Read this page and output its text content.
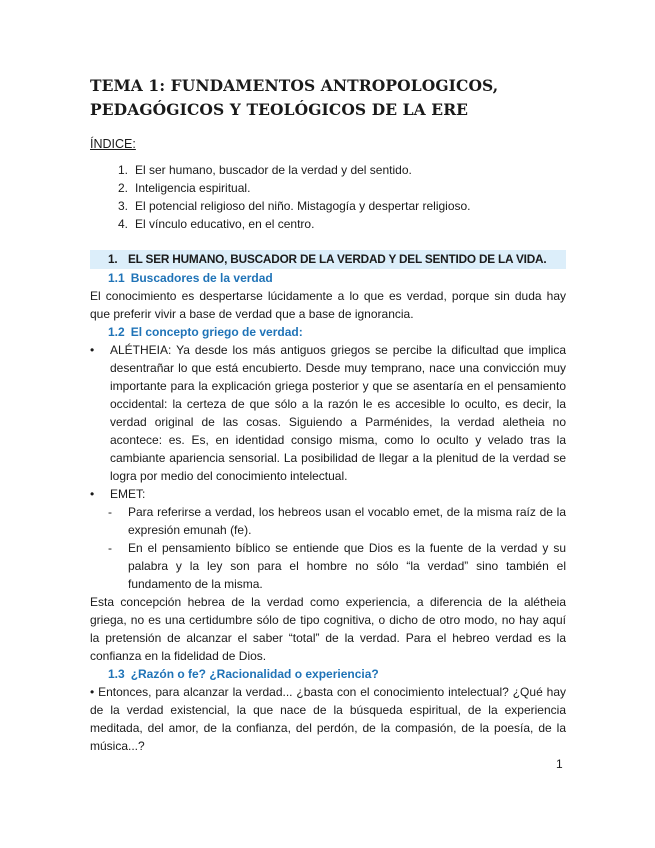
TEMA 1: FUNDAMENTOS ANTROPOLOGICOS,
PEDAGÓGICOS Y TEOLÓGICOS DE LA ERE
ÍNDICE:
1. El ser humano, buscador de la verdad y del sentido.
2. Inteligencia espiritual.
3. El potencial religioso del niño. Mistagogía y despertar religioso.
4. El vínculo educativo, en el centro.
1. EL SER HUMANO, BUSCADOR DE LA VERDAD Y DEL SENTIDO DE LA VIDA.
1.1 Buscadores de la verdad
El conocimiento es despertarse lúcidamente a lo que es verdad, porque sin duda hay que preferir vivir a base de verdad que a base de ignorancia.
1.2 El concepto griego de verdad:
•	ALÉTHEIA: Ya desde los más antiguos griegos se percibe la dificultad que implica desentrañar lo que está encubierto. Desde muy temprano, nace una convicción muy importante para la explicación griega posterior y que se asentaría en el pensamiento occidental: la certeza de que sólo a la razón le es accesible lo oculto, es decir, la verdad original de las cosas. Siguiendo a Parménides, la verdad aletheia no acontece: es. Es, en identidad consigo misma, como lo oculto y velado tras la cambiante apariencia sensorial. La posibilidad de llegar a la plenitud de la verdad se logra por medio del conocimiento intelectual.
•	EMET:
-	Para referirse a verdad, los hebreos usan el vocablo emet, de la misma raíz de la expresión emunah (fe).
-	En el pensamiento bíblico se entiende que Dios es la fuente de la verdad y su palabra y la ley son para el hombre no sólo “la verdad” sino también el fundamento de la misma.
Esta concepción hebrea de la verdad como experiencia, a diferencia de la alétheia griega, no es una certidumbre sólo de tipo cognitiva, o dicho de otro modo, no hay aquí la pretensión de alcanzar el saber “total” de la verdad. Para el hebreo verdad es la confianza en la fidelidad de Dios.
1.3 ¿Razón o fe? ¿Racionalidad o experiencia?
• Entonces, para alcanzar la verdad... ¿basta con el conocimiento intelectual? ¿Qué hay de la verdad existencial, la que nace de la búsqueda espiritual, de la experiencia meditada, del amor, de la confianza, del perdón, de la compasión, de la poesía, de la música...?
1
